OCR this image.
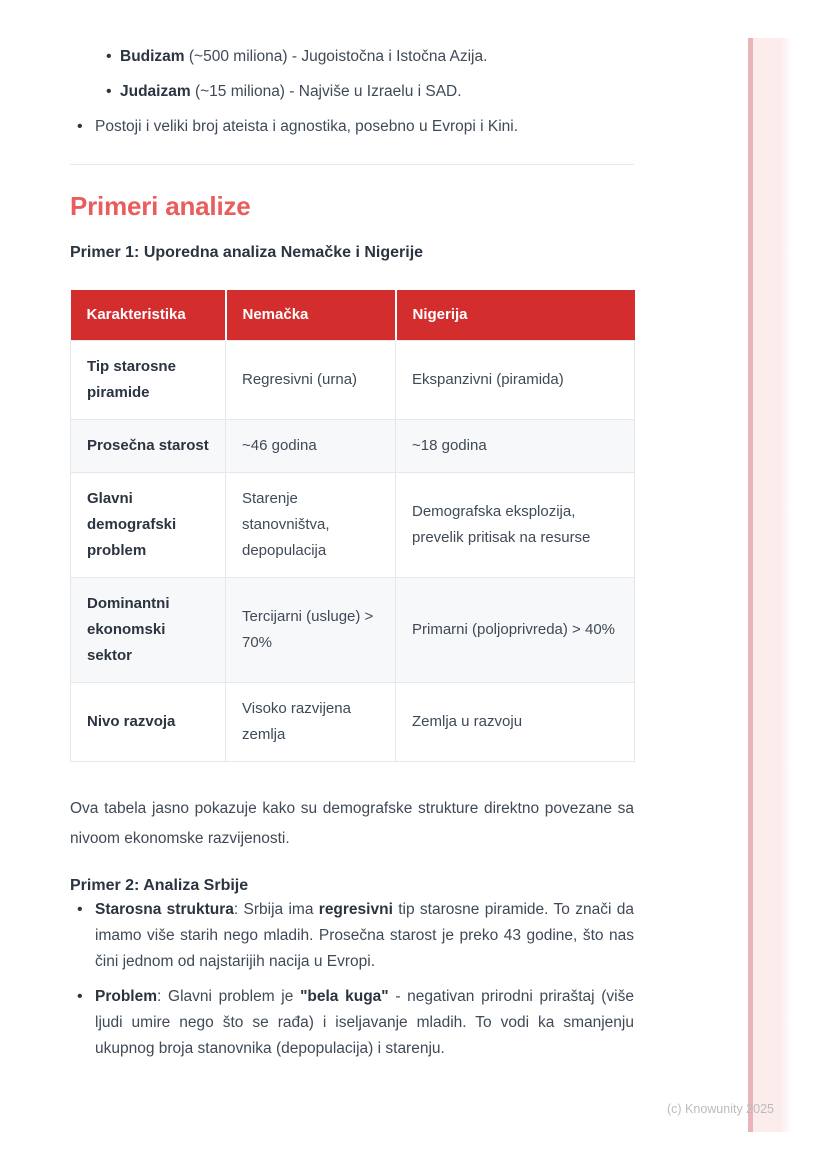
• Budizam (~500 miliona) - Jugoistočna i Istočna Azija.
• Judaizam (~15 miliona) - Najviše u Izraelu i SAD.
• Postoji i veliki broj ateista i agnostika, posebno u Evropi i Kini.
Primeri analize

Primer 1: Uporedna analiza Nemačke i Nigerije

Karakteristika	Nemačka	Nigerija
Tip starosne piramide	Regresivni (urna)	Ekspanzivni (piramida)
Prosečna starost	~46 godina	~18 godina
Glavni demografski problem	Starenje stanovništva, depopulacija	Demografska eksplozija, prevelik pritisak na resurse
Dominantni ekonomski sektor	Tercijarni (usluge) > 70%	Primarni (poljoprivreda) > 40%
Nivo razvoja	Visoko razvijena zemlja	Zemlja u razvoju

Ova tabela jasno pokazuje kako su demografske strukture direktno povezane sa nivoom ekonomske razvijenosti.

Primer 2: Analiza Srbije

• Starosna struktura: Srbija ima regresivni tip starosne piramide. To znači da imamo više starih nego mladih. Prosečna starost je preko 43 godine, što nas čini jednom od najstarijih nacija u Evropi.
• Problem: Glavni problem je "bela kuga" - negativan prirodni priraštaj (više ljudi umire nego što se rađa) i iseljavanje mladih. To vodi ka smanjenju ukupnog broja stanovnika (depopulacija) i starenju.
(c) Knowunity 2025
